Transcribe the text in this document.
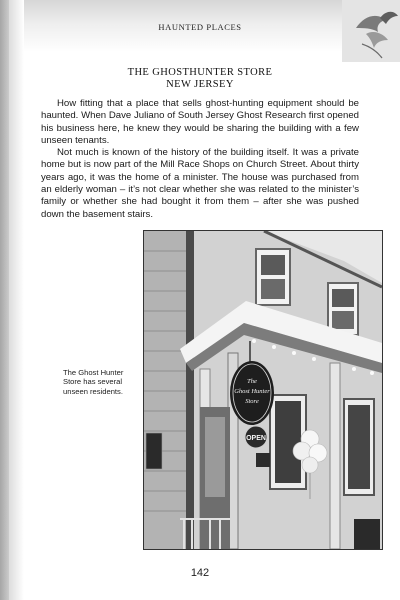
HAUNTED PLACES
THE GHOSTHUNTER STORE
NEW JERSEY

How fitting that a place that sells ghost-hunting equipment should be haunted. When Dave Juliano of South Jersey Ghost Research first opened his business here, he knew they would be sharing the building with a few unseen tenants.

Not much is known of the history of the building itself. It was a private home but is now part of the Mill Race Shops on Church Street. About thirty years ago, it was the home of a minister. The house was purchased from an elderly woman – it’s not clear whether she was related to the minister’s family or whether she had bought it from them – after she was pushed down the basement stairs.

The Ghost Hunter Store has several unseen residents.
The
Ghost Hunter
Store
OPEN
142
